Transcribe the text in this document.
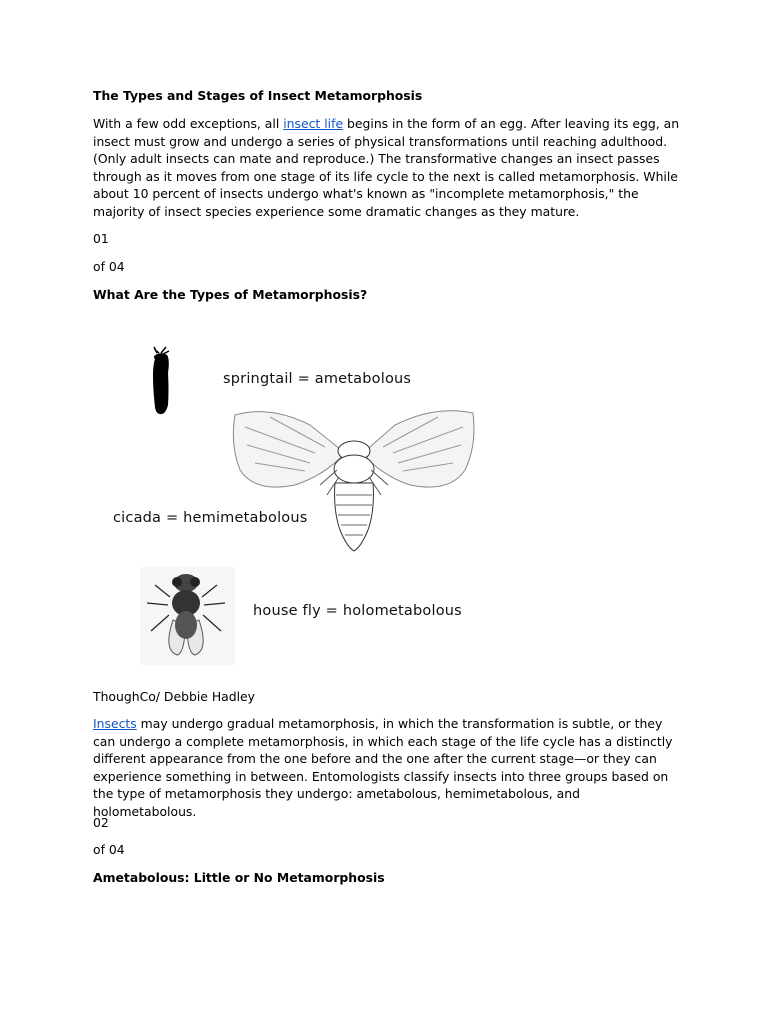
The Types and Stages of Insect Metamorphosis

With a few odd exceptions, all insect life begins in the form of an egg. After leaving its egg, an insect must grow and undergo a series of physical transformations until reaching adulthood. (Only adult insects can mate and reproduce.) The transformative changes an insect passes through as it moves from one stage of its life cycle to the next is called metamorphosis. While about 10 percent of insects undergo what's known as "incomplete metamorphosis," the majority of insect species experience some dramatic changes as they mature.

01

of 04

What Are the Types of Metamorphosis?

springtail = ametabolous
cicada = hemimetabolous
house fly = holometabolous

ThoughCo/ Debbie Hadley

Insects may undergo gradual metamorphosis, in which the transformation is subtle, or they can undergo a complete metamorphosis, in which each stage of the life cycle has a distinctly different appearance from the one before and the one after the current stage—or they can experience something in between. Entomologists classify insects into three groups based on the type of metamorphosis they undergo: ametabolous, hemimetabolous, and holometabolous.

02

of 04

Ametabolous: Little or No Metamorphosis
